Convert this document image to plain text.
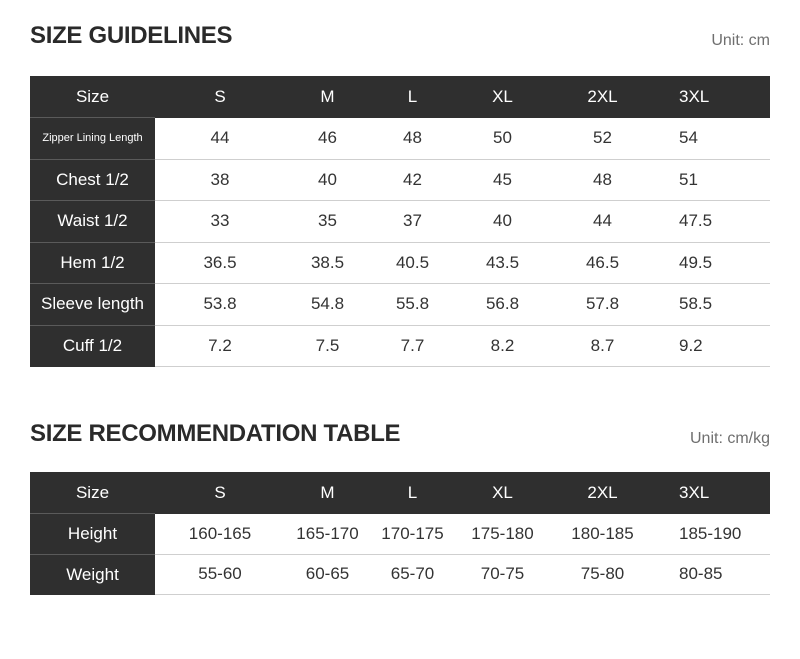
SIZE GUIDELINES	Unit: cm
Size	S	M	L	XL	2XL	3XL
Zipper Lining Length	44	46	48	50	52	54
Chest 1/2	38	40	42	45	48	51
Waist 1/2	33	35	37	40	44	47.5
Hem 1/2	36.5	38.5	40.5	43.5	46.5	49.5
Sleeve length	53.8	54.8	55.8	56.8	57.8	58.5
Cuff 1/2	7.2	7.5	7.7	8.2	8.7	9.2
SIZE RECOMMENDATION TABLE	Unit: cm/kg
Size	S	M	L	XL	2XL	3XL
Height	160-165	165-170	170-175	175-180	180-185	185-190
Weight	55-60	60-65	65-70	70-75	75-80	80-85
